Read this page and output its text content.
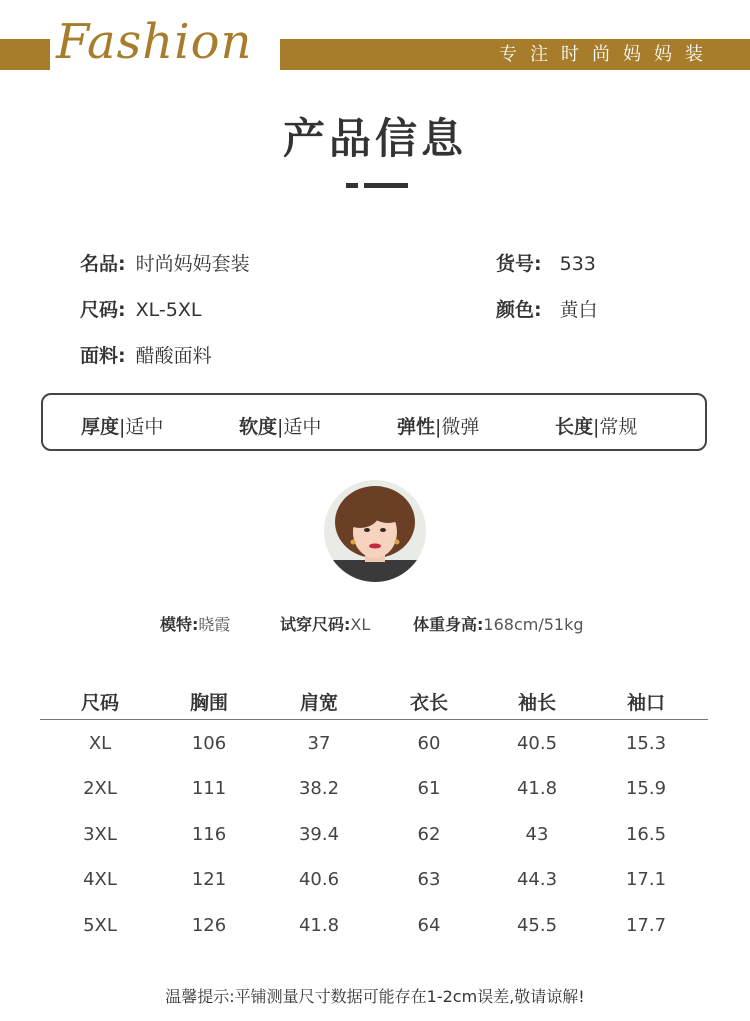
Fashion	专注时尚妈妈装
产品信息
名品: 时尚妈妈套装	货号: 533
尺码: XL-5XL	颜色: 黄白
面料: 醋酸面料
厚度|适中	软度|适中	弹性|微弹	长度|常规
模特:晓霞	试穿尺码:XL	体重身高:168cm/51kg
尺码	胸围	肩宽	衣长	袖长	袖口
XL	106	37	60	40.5	15.3
2XL	111	38.2	61	41.8	15.9
3XL	116	39.4	62	43	16.5
4XL	121	40.6	63	44.3	17.1
5XL	126	41.8	64	45.5	17.7
温馨提示:平铺测量尺寸数据可能存在1-2cm误差,敬请谅解!
